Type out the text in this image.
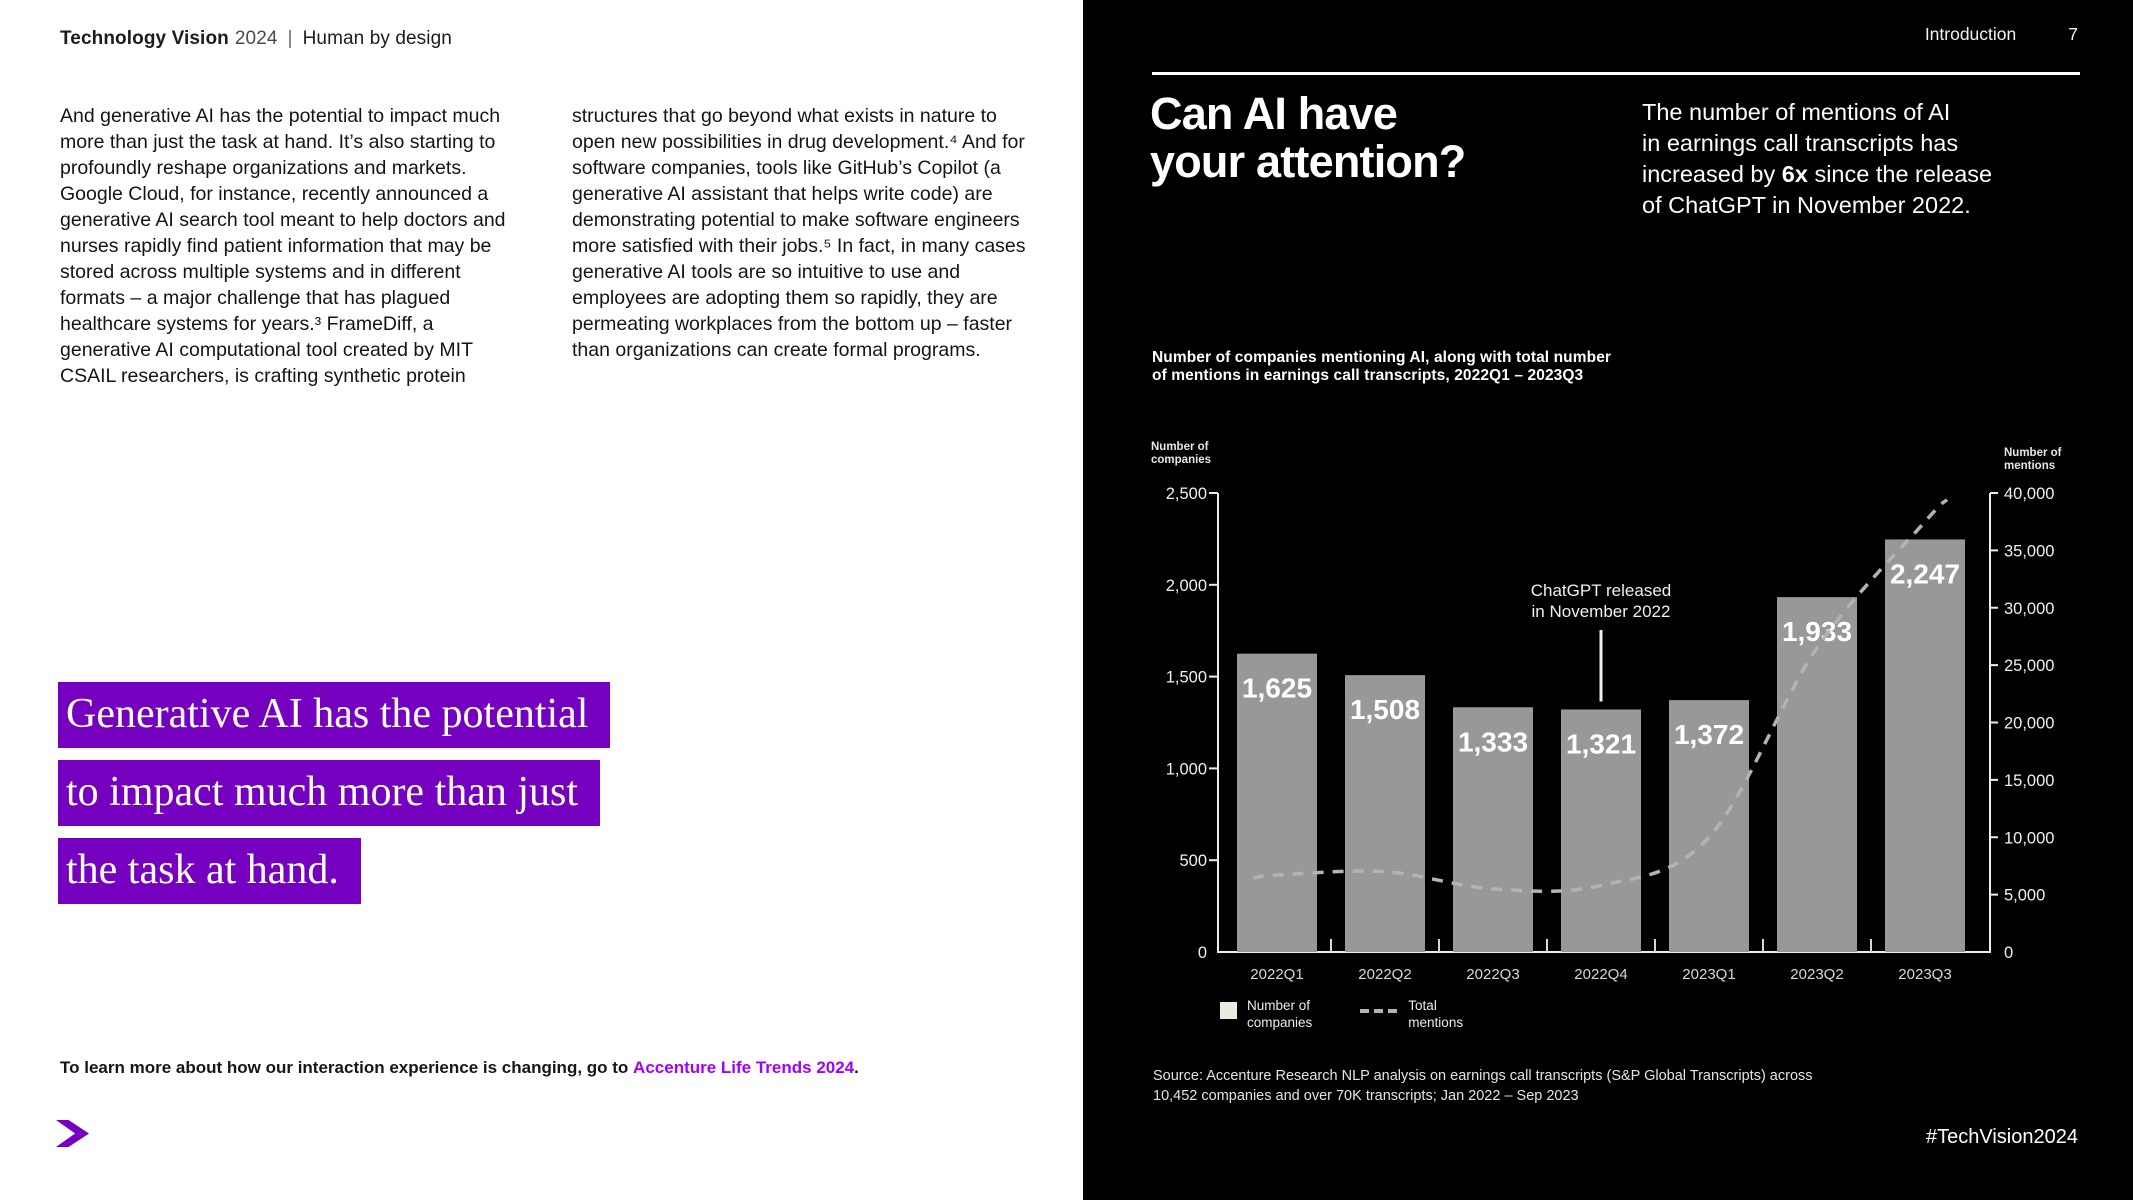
Technology Vision 2024 | Human by design
And generative AI has the potential to impact much more than just the task at hand. It’s also starting to profoundly reshape organizations and markets. Google Cloud, for instance, recently announced a generative AI search tool meant to help doctors and nurses rapidly find patient information that may be stored across multiple systems and in different formats – a major challenge that has plagued healthcare systems for years.³ FrameDiff, a generative AI computational tool created by MIT CSAIL researchers, is crafting synthetic protein
structures that go beyond what exists in nature to open new possibilities in drug development.⁴ And for software companies, tools like GitHub’s Copilot (a generative AI assistant that helps write code) are demonstrating potential to make software engineers more satisfied with their jobs.⁵ In fact, in many cases generative AI tools are so intuitive to use and employees are adopting them so rapidly, they are permeating workplaces from the bottom up – faster than organizations can create formal programs.
Generative AI has the potential
to impact much more than just
the task at hand.
To learn more about how our interaction experience is changing, go to Accenture Life Trends 2024.
Introduction	7
Can AI have
your attention?
The number of mentions of AI
in earnings call transcripts has
increased by 6x since the release
of ChatGPT in November 2022.
Number of companies mentioning AI, along with total number
of mentions in earnings call transcripts, 2022Q1 – 2023Q3
Number of
companies
Number of
mentions
2,500
2,000
1,500
1,000
500
0
40,000
35,000
30,000
25,000
20,000
15,000
10,000
5,000
0
1,625
1,508
1,333 1,321 1,372
1,933
2,247
2022Q1	2022Q2	2022Q3	2022Q4	2023Q1	2023Q2	2023Q3
ChatGPT released
in November 2022
Number of
companies
Total
mentions
Source: Accenture Research NLP analysis on earnings call transcripts (S&P Global Transcripts) across
10,452 companies and over 70K transcripts; Jan 2022 – Sep 2023
#TechVision2024
